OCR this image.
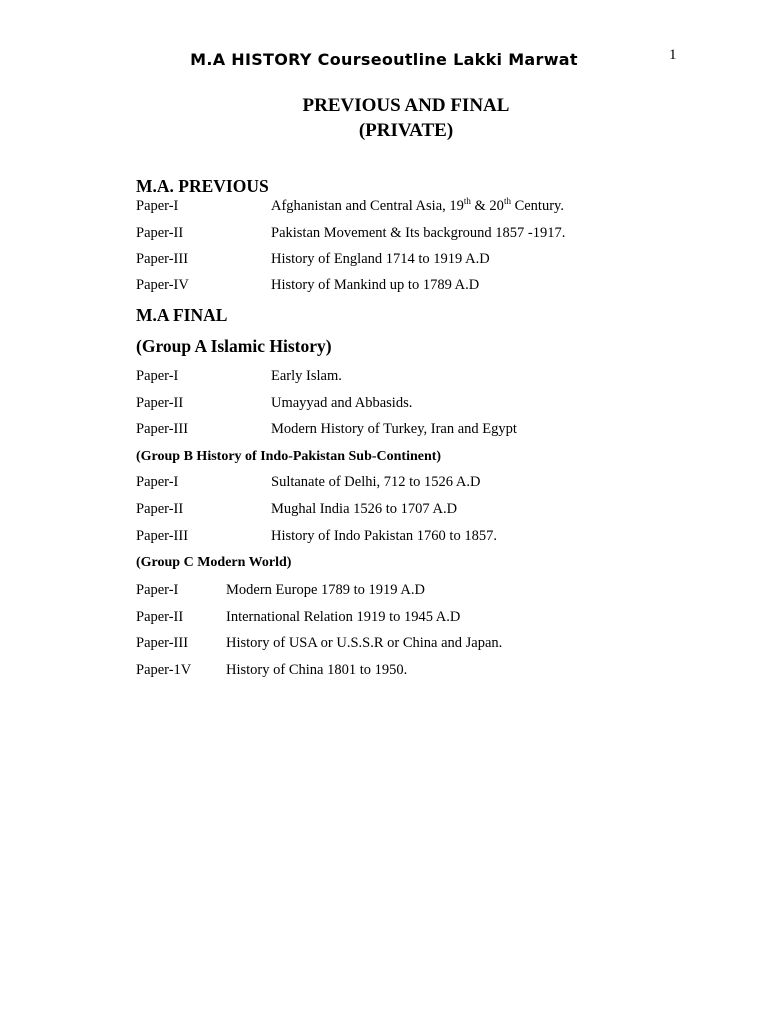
M.A HISTORY Courseoutline Lakki Marwat	1
PREVIOUS AND FINAL
(PRIVATE)
M.A. PREVIOUS
Paper-I	Afghanistan and Central Asia, 19th & 20th Century.
Paper-II	Pakistan Movement & Its background 1857 -1917.
Paper-III	History of England 1714 to 1919 A.D
Paper-IV	History of Mankind up to 1789 A.D
M.A FINAL
(Group A Islamic History)
Paper-I	Early Islam.
Paper-II	Umayyad and Abbasids.
Paper-III	Modern History of Turkey, Iran and Egypt
(Group B History of Indo-Pakistan Sub-Continent)
Paper-I	Sultanate of Delhi, 712 to 1526 A.D
Paper-II	Mughal India 1526 to 1707 A.D
Paper-III	History of Indo Pakistan 1760 to 1857.
(Group C Modern World)
Paper-I	Modern Europe 1789 to 1919 A.D
Paper-II	International Relation 1919 to 1945 A.D
Paper-III	History of USA or U.S.S.R or China and Japan.
Paper-1V History of China 1801 to 1950.
